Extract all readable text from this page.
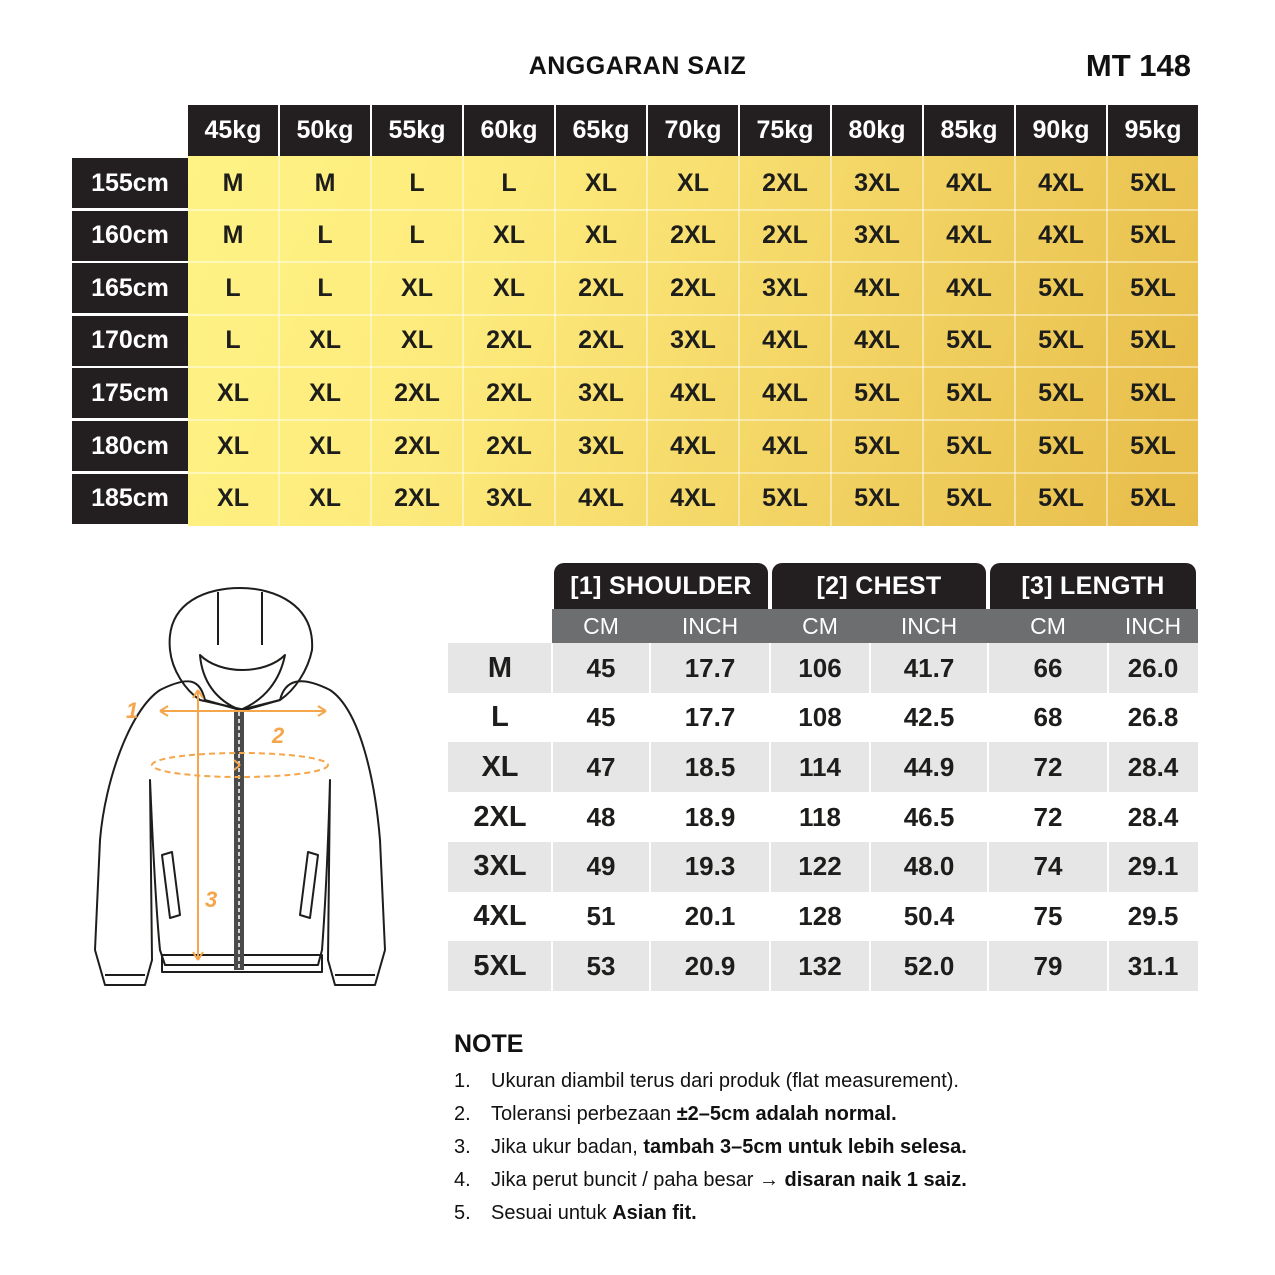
ANGGARAN SAIZ	MT 148
45kg	50kg	55kg	60kg	65kg	70kg	75kg	80kg	85kg	90kg	95kg
155cm	M	M	L	L	XL	XL	2XL	3XL	4XL	4XL	5XL
160cm	M	L	L	XL	XL	2XL	2XL	3XL	4XL	4XL	5XL
165cm	L	L	XL	XL	2XL	2XL	3XL	4XL	4XL	5XL	5XL
170cm	L	XL	XL	2XL	2XL	3XL	4XL	4XL	5XL	5XL	5XL
175cm	XL	XL	2XL	2XL	3XL	4XL	4XL	5XL	5XL	5XL	5XL
180cm	XL	XL	2XL	2XL	3XL	4XL	4XL	5XL	5XL	5XL	5XL
185cm	XL	XL	2XL	3XL	4XL	4XL	5XL	5XL	5XL	5XL	5XL
1
2
3
[1] SHOULDER	[2] CHEST	[3] LENGTH
CM	INCH	CM	INCH	CM	INCH
M	45	17.7	106	41.7	66	26.0
L	45	17.7	108	42.5	68	26.8
XL	47	18.5	114	44.9	72	28.4
2XL	48	18.9	118	46.5	72	28.4
3XL	49	19.3	122	48.0	74	29.1
4XL	51	20.1	128	50.4	75	29.5
5XL	53	20.9	132	52.0	79	31.1
NOTE
1.	Ukuran diambil terus dari produk (flat measurement).
2.	Toleransi perbezaan ±2–5cm adalah normal.
3.	Jika ukur badan, tambah 3–5cm untuk lebih selesa.
4.	Jika perut buncit / paha besar → disaran naik 1 saiz.
5.	Sesuai untuk Asian fit.
